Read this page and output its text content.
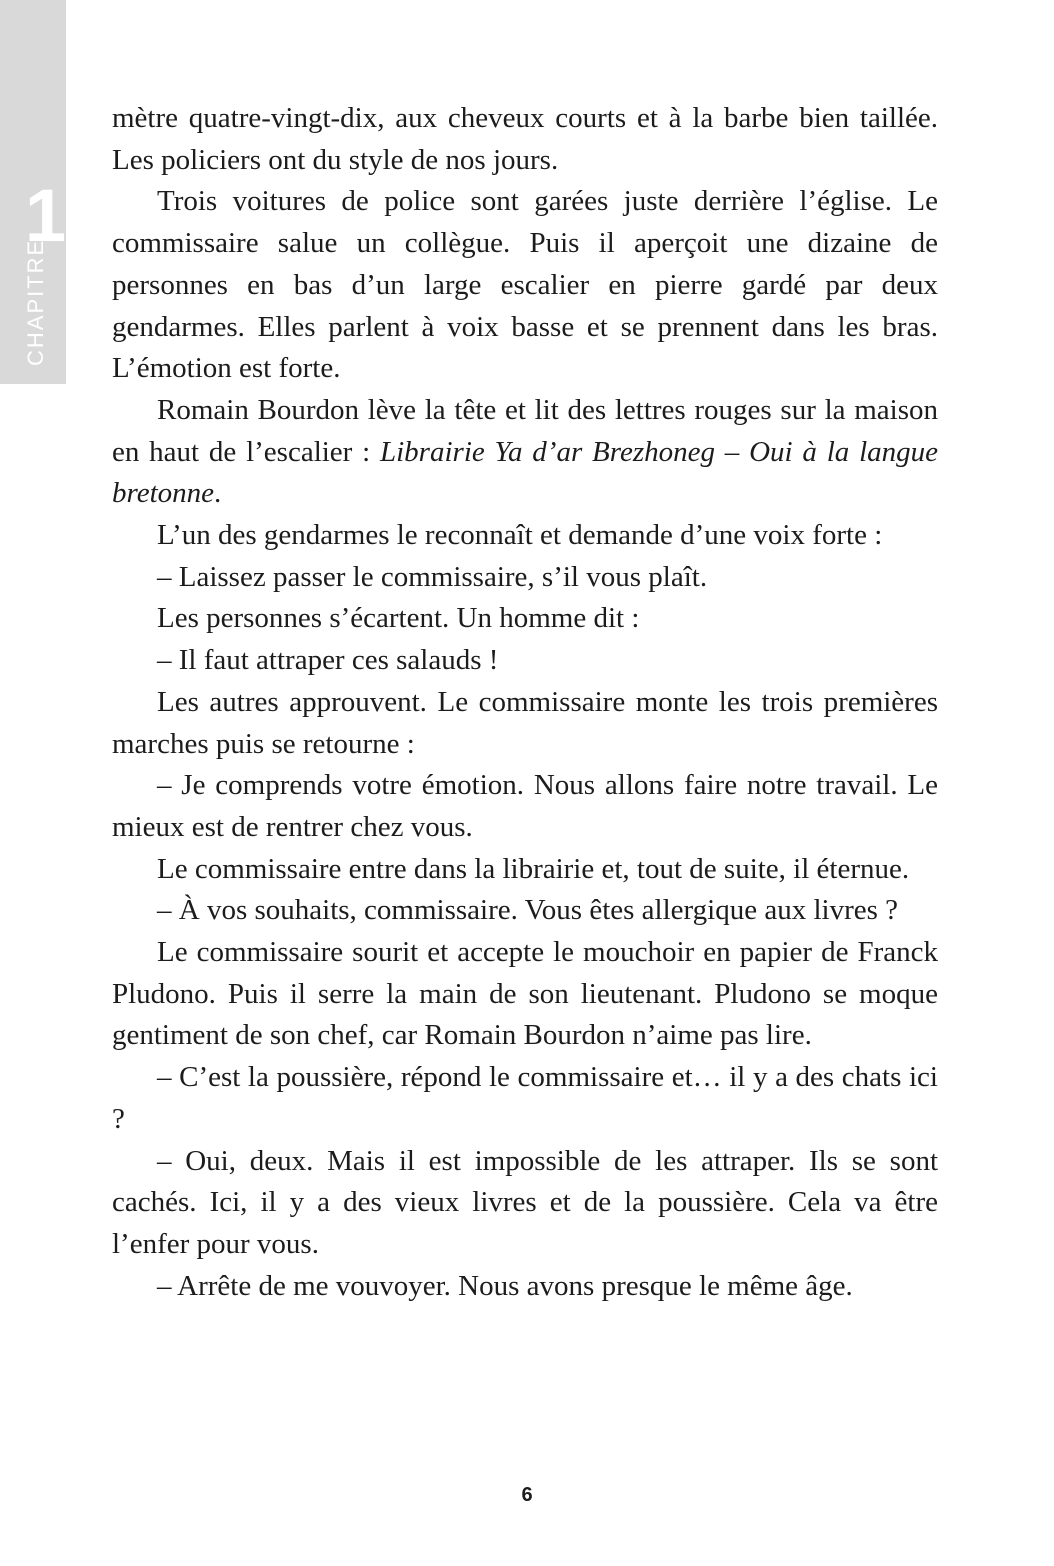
1
CHAPITRE

mètre quatre-vingt-dix, aux cheveux courts et à la barbe bien taillée. Les policiers ont du style de nos jours.

Trois voitures de police sont garées juste derrière l’église. Le commissaire salue un collègue. Puis il aperçoit une dizaine de personnes en bas d’un large escalier en pierre gardé par deux gendarmes. Elles parlent à voix basse et se prennent dans les bras. L’émotion est forte.

Romain Bourdon lève la tête et lit des lettres rouges sur la maison en haut de l’escalier : Librairie Ya d’ar Brezhoneg – Oui à la langue bretonne.

L’un des gendarmes le reconnaît et demande d’une voix forte :

– Laissez passer le commissaire, s’il vous plaît.

Les personnes s’écartent. Un homme dit :

– Il faut attraper ces salauds !

Les autres approuvent. Le commissaire monte les trois premières marches puis se retourne :

– Je comprends votre émotion. Nous allons faire notre travail. Le mieux est de rentrer chez vous.

Le commissaire entre dans la librairie et, tout de suite, il éternue.

– À vos souhaits, commissaire. Vous êtes allergique aux livres ?

Le commissaire sourit et accepte le mouchoir en papier de Franck Pludono. Puis il serre la main de son lieutenant. Pludono se moque gentiment de son chef, car Romain Bourdon n’aime pas lire.

– C’est la poussière, répond le commissaire et… il y a des chats ici ?

– Oui, deux. Mais il est impossible de les attraper. Ils se sont cachés. Ici, il y a des vieux livres et de la poussière. Cela va être l’enfer pour vous.

– Arrête de me vouvoyer. Nous avons presque le même âge.

6
